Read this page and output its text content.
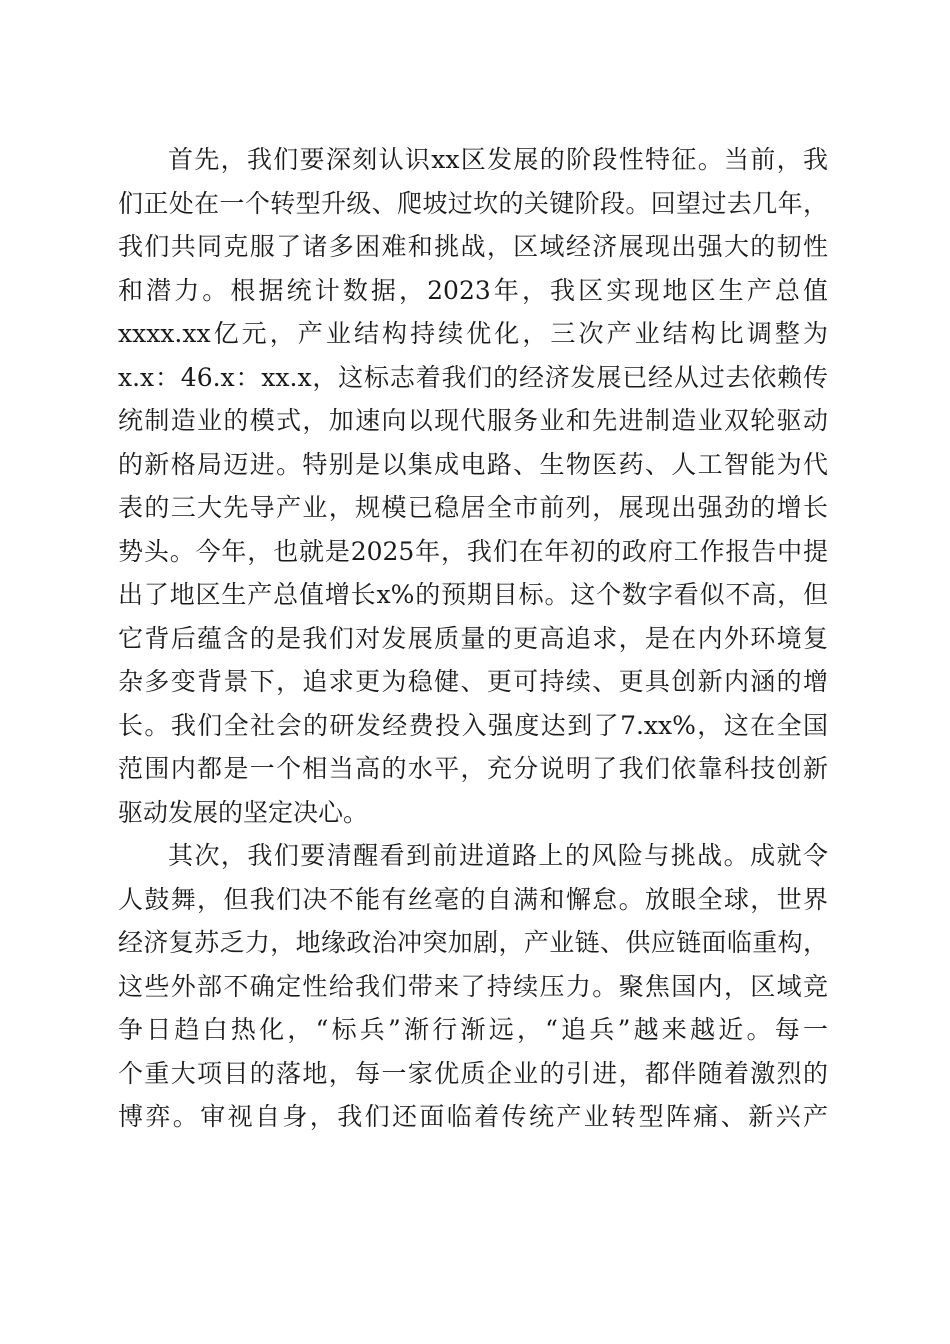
首先，我们要深刻认识xx区发展的阶段性特征。当前，我
们正处在一个转型升级、爬坡过坎的关键阶段。回望过去几年，
我们共同克服了诸多困难和挑战，区域经济展现出强大的韧性
和潜力。根据统计数据，2023年，我区实现地区生产总值
xxxx.xx亿元，产业结构持续优化，三次产业结构比调整为
x.x：46.x：xx.x，这标志着我们的经济发展已经从过去依赖传
统制造业的模式，加速向以现代服务业和先进制造业双轮驱动
的新格局迈进。特别是以集成电路、生物医药、人工智能为代
表的三大先导产业，规模已稳居全市前列，展现出强劲的增长
势头。今年，也就是2025年，我们在年初的政府工作报告中提
出了地区生产总值增长x%的预期目标。这个数字看似不高，但
它背后蕴含的是我们对发展质量的更高追求，是在内外环境复
杂多变背景下，追求更为稳健、更可持续、更具创新内涵的增
长。我们全社会的研发经费投入强度达到了7.xx%，这在全国
范围内都是一个相当高的水平，充分说明了我们依靠科技创新
驱动发展的坚定决心。
其次，我们要清醒看到前进道路上的风险与挑战。成就令
人鼓舞，但我们决不能有丝毫的自满和懈怠。放眼全球，世界
经济复苏乏力，地缘政治冲突加剧，产业链、供应链面临重构，
这些外部不确定性给我们带来了持续压力。聚焦国内，区域竞
争日趋白热化，“标兵”渐行渐远，“追兵”越来越近。每一
个重大项目的落地，每一家优质企业的引进，都伴随着激烈的
博弈。审视自身，我们还面临着传统产业转型阵痛、新兴产
